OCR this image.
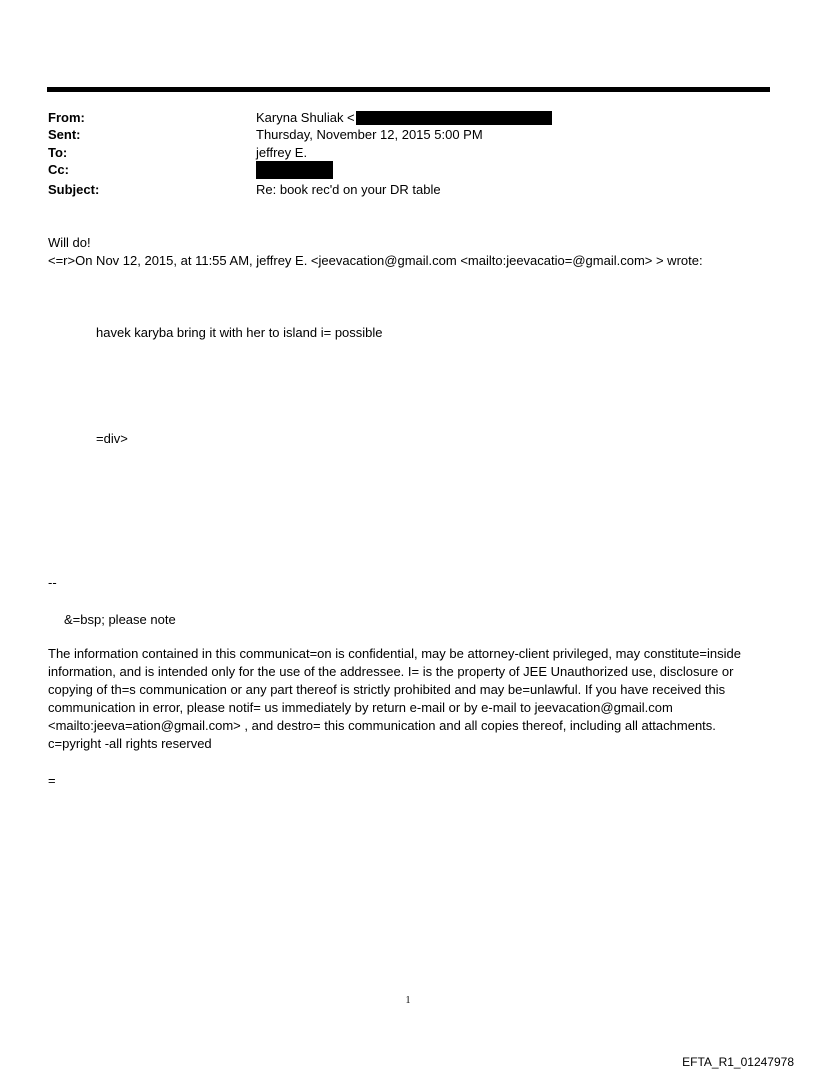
From:	Karyna Shuliak <
Sent:	Thursday, November 12, 2015 5:00 PM
To:	jeffrey E.
Cc:
Subject:	Re: book rec'd on your DR table
Will do!
<=r>On Nov 12, 2015, at 11:55 AM, jeffrey E. <jeevacation@gmail.com <mailto:jeevacatio=@gmail.com> > wrote:
havek karyba bring it with her to island i= possible
=div>
--
&=bsp; please note
The information contained in this communicat=on is confidential, may be attorney-client privileged, may constitute=inside information, and is intended only for the use of the addressee. I= is the property of JEE Unauthorized use, disclosure or copying of th=s communication or any part thereof is strictly prohibited and may be=unlawful. If you have received this communication in error, please notif= us immediately by return e-mail or by e-mail to jeevacation@gmail.com <mailto:jeeva=ation@gmail.com> , and destro= this communication and all copies thereof, including all attachments. c=pyright -all rights reserved
=
1
EFTA_R1_01247978
